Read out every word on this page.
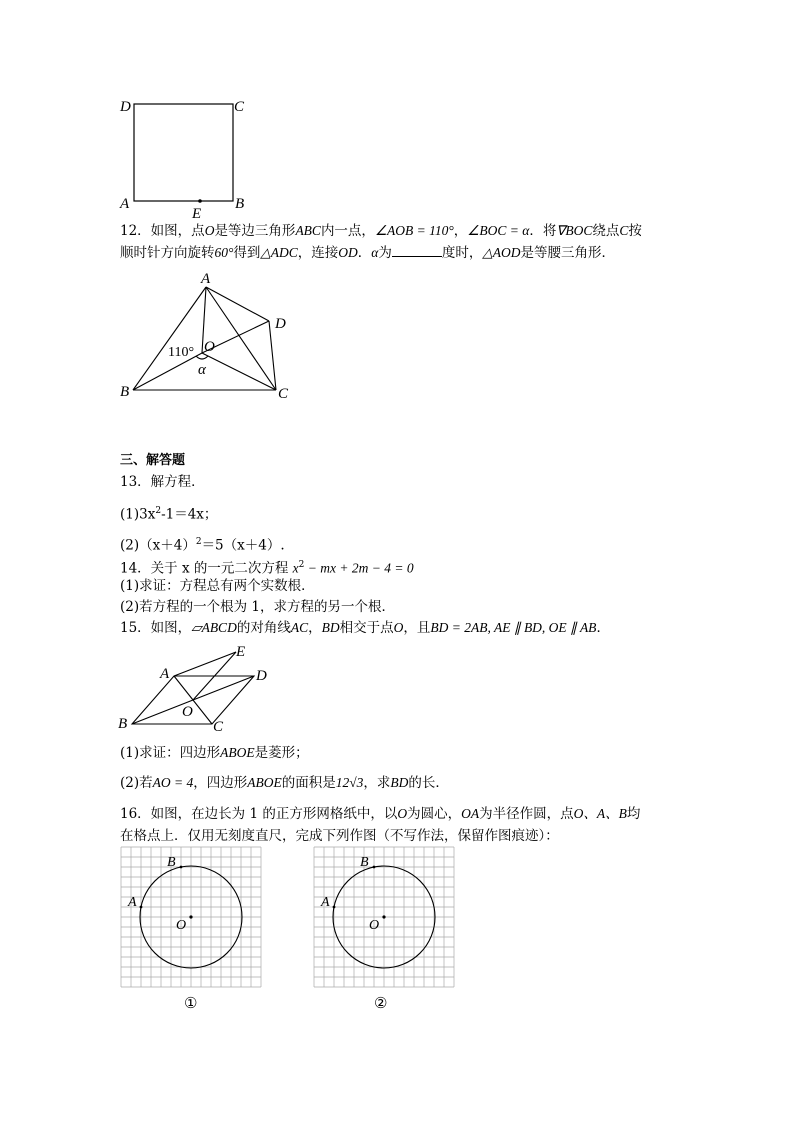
D	C
A	B
E
12．如图，点O是等边三角形ABC内一点，∠AOB = 110°，∠BOC = α．将∇BOC绕点C按
顺时针方向旋转60°得到△ADC，连接OD．α为	度时，△AOD是等腰三角形．
A
B	C
D
O
110°
α
三、解答题
13．解方程．
$(1)3x^2-1=4x$；
$(2)(x+4)^2=5(x+4)$.
14．关于 x 的一元二次方程 $x^2$ − mx + 2m − 4 = 0
(1)求证：方程总有两个实数根．
(2)若方程的一个根为 1，求方程的另一个根．
15．如图，▱ABCD的对角线AC，BD相交于点O，且BD = 2AB, AE ∥ BD, OE ∥ AB．
A
B	C
D
E
O
(1)求证：四边形ABOE是菱形；
(2)若AO = 4，四边形ABOE的面积是12√3，求BD的长．
16．如图，在边长为 1 的正方形网格纸中，以O为圆心，OA为半径作圆，点O、A、B均
在格点上．仅用无刻度直尺，完成下列作图（不写作法，保留作图痕迹）：
O
A
B
O
A
B
①	②
